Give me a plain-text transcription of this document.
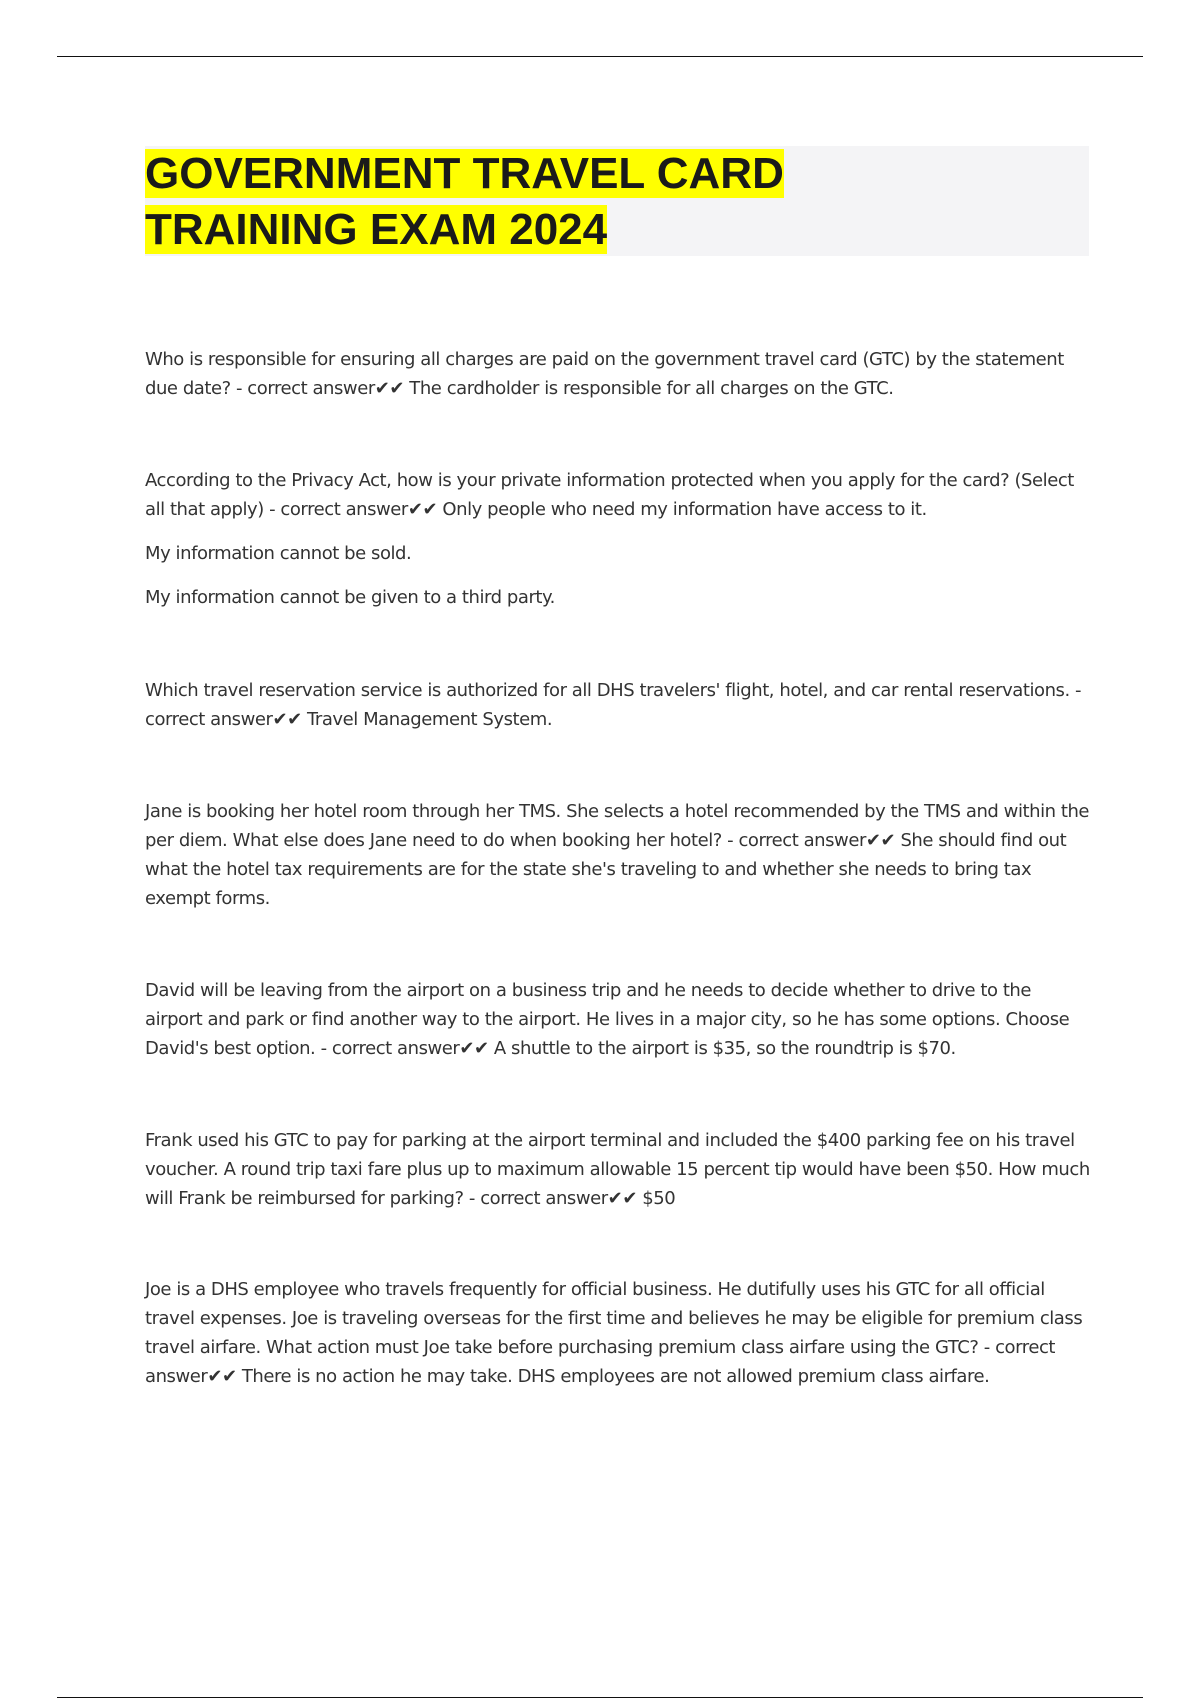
GOVERNMENT TRAVEL CARD
TRAINING EXAM 2024

Who is responsible for ensuring all charges are paid on the government travel card (GTC) by the statement due date? - correct answer✔✔ The cardholder is responsible for all charges on the GTC.

According to the Privacy Act, how is your private information protected when you apply for the card? (Select all that apply) - correct answer✔✔ Only people who need my information have access to it.

My information cannot be sold.

My information cannot be given to a third party.

Which travel reservation service is authorized for all DHS travelers' flight, hotel, and car rental reservations. - correct answer✔✔ Travel Management System.

Jane is booking her hotel room through her TMS. She selects a hotel recommended by the TMS and within the per diem. What else does Jane need to do when booking her hotel? - correct answer✔✔ She should find out what the hotel tax requirements are for the state she's traveling to and whether she needs to bring tax exempt forms.

David will be leaving from the airport on a business trip and he needs to decide whether to drive to the airport and park or find another way to the airport. He lives in a major city, so he has some options. Choose David's best option. - correct answer✔✔ A shuttle to the airport is $35, so the roundtrip is $70.

Frank used his GTC to pay for parking at the airport terminal and included the $400 parking fee on his travel voucher. A round trip taxi fare plus up to maximum allowable 15 percent tip would have been $50. How much will Frank be reimbursed for parking? - correct answer✔✔ $50

Joe is a DHS employee who travels frequently for official business. He dutifully uses his GTC for all official travel expenses. Joe is traveling overseas for the first time and believes he may be eligible for premium class travel airfare. What action must Joe take before purchasing premium class airfare using the GTC? - correct answer✔✔ There is no action he may take. DHS employees are not allowed premium class airfare.
